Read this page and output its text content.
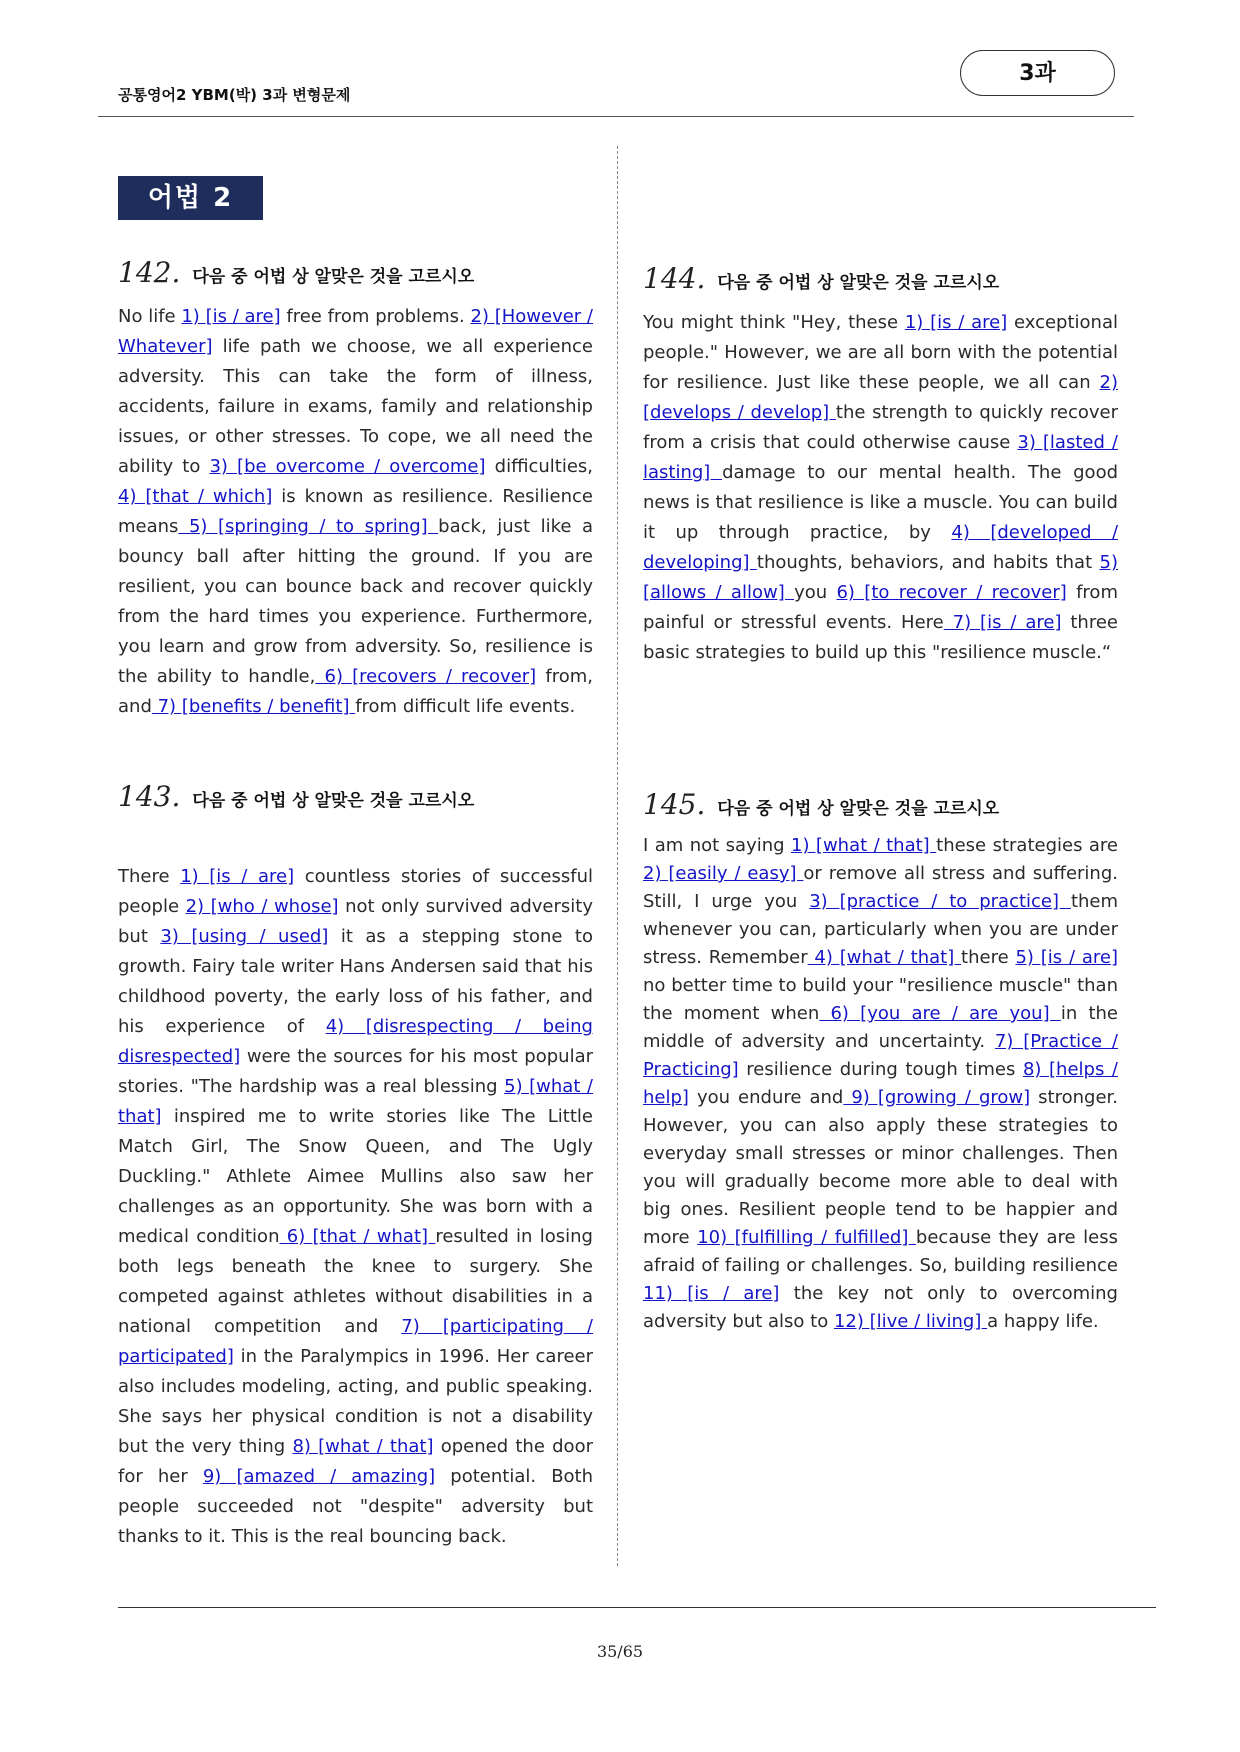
공통영어2 YBM(박) 3과 변형문제
3과
어법 2
142. 다음 중 어법 상 알맞은 것을 고르시오

No life 1) [is / are] free from problems. 2) [However / Whatever] life path we choose, we all experience adversity. This can take the form of illness, accidents, failure in exams, family and relationship issues, or other stresses. To cope, we all need the ability to 3) [be overcome / overcome] difficulties, 4) [that / which] is known as resilience. Resilience means 5) [springing / to spring] back, just like a bouncy ball after hitting the ground. If you are resilient, you can bounce back and recover quickly from the hard times you experience. Furthermore, you learn and grow from adversity. So, resilience is the ability to handle, 6) [recovers / recover] from, and 7) [benefits / benefit] from difficult life events.

143. 다음 중 어법 상 알맞은 것을 고르시오

There 1) [is / are] countless stories of successful people 2) [who / whose] not only survived adversity but 3) [using / used] it as a stepping stone to growth. Fairy tale writer Hans Andersen said that his childhood poverty, the early loss of his father, and his experience of 4) [disrespecting / being disrespected] were the sources for his most popular stories. "The hardship was a real blessing 5) [what / that] inspired me to write stories like The Little Match Girl, The Snow Queen, and The Ugly Duckling." Athlete Aimee Mullins also saw her challenges as an opportunity. She was born with a medical condition 6) [that / what] resulted in losing both legs beneath the knee to surgery. She competed against athletes without disabilities in a national competition and 7) [participating / participated] in the Paralympics in 1996. Her career also includes modeling, acting, and public speaking. She says her physical condition is not a disability but the very thing 8) [what / that] opened the door for her 9) [amazed / amazing] potential. Both people succeeded not "despite" adversity but thanks to it. This is the real bouncing back.

144. 다음 중 어법 상 알맞은 것을 고르시오

You might think "Hey, these 1) [is / are] exceptional people." However, we are all born with the potential for resilience. Just like these people, we all can 2) [develops / develop] the strength to quickly recover from a crisis that could otherwise cause 3) [lasted / lasting] damage to our mental health. The good news is that resilience is like a muscle. You can build it up through practice, by 4) [developed / developing] thoughts, behaviors, and habits that 5) [allows / allow] you 6) [to recover / recover] from painful or stressful events. Here 7) [is / are] three basic strategies to build up this "resilience muscle.“

145. 다음 중 어법 상 알맞은 것을 고르시오

I am not saying 1) [what / that] these strategies are 2) [easily / easy] or remove all stress and suffering. Still, I urge you 3) [practice / to practice] them whenever you can, particularly when you are under stress. Remember 4) [what / that] there 5) [is / are] no better time to build your "resilience muscle" than the moment when 6) [you are / are you] in the middle of adversity and uncertainty. 7) [Practice / Practicing] resilience during tough times 8) [helps / help] you endure and 9) [growing / grow] stronger. However, you can also apply these strategies to everyday small stresses or minor challenges. Then you will gradually become more able to deal with big ones. Resilient people tend to be happier and more 10) [fulfilling / fulfilled] because they are less afraid of failing or challenges. So, building resilience 11) [is / are] the key not only to overcoming adversity but also to 12) [live / living] a happy life.

35/65
